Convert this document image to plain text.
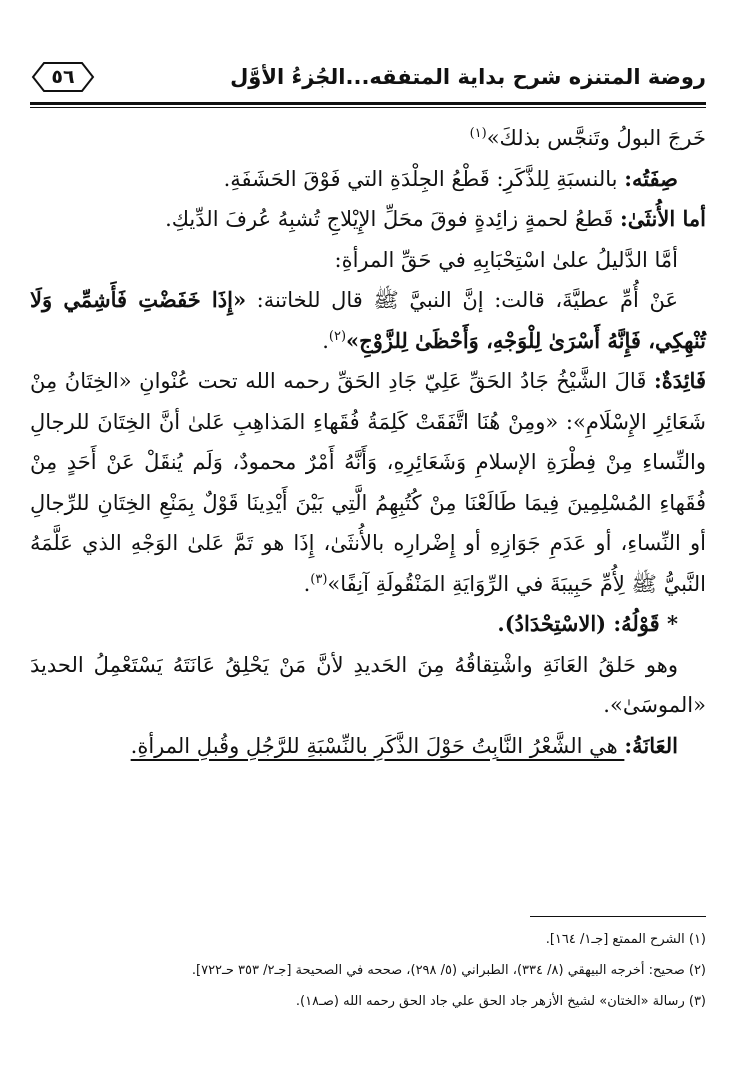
روضة المتنزه شرح بداية المتفقه...الجُزءُ الأوَّل
٥٦

خَرجَ البولُ وتَنجَّس بذلكَ»$^{(١)}$

صِفَتُه: بالنسبَةِ لِلذَّكَرِ: قَطْعُ الجِلْدَةِ التي فَوْقَ الحَشَفَةِ.

أما الأُنثَىٰ: قَطعُ لحمةٍ زائِدةٍ فوقَ محَلِّ الإِيْلاجِ تُشبِهُ عُرفَ الدِّيكِ.

أمَّا الدَّليلُ علىٰ اسْتِحْبَابِهِ في حَقِّ المرأةِ:

عَنْ أُمِّ عطيَّةَ، قالت: إنَّ النبيَّ ﷺ قال للخاتنة: «إِذَا خَفَضْتِ فَأَشِمِّي وَلَا تُنْهِكِي، فَإِنَّهُ أَسْرَىٰ لِلْوَجْهِ، وَأَحْظَىٰ لِلزَّوْجِ»$^{(٢)}$.

فَائِدَةٌ: قَالَ الشَّيْخُ جَادُ الحَقِّ عَلِيّ جَادِ الحَقِّ رحمه الله تحت عُنْوانِ «الخِتَانُ مِنْ شَعَائِرِ الإِسْلَامِ»: «ومِنْ هُنَا اتَّفَقَتْ كَلِمَةُ فُقَهاءِ المَذاهِبِ عَلىٰ أنَّ الخِتَانَ للرجالِ والنِّساءِ مِنْ فِطْرَةِ الإسلامِ وَشَعَائِرِهِ، وَأَنَّهُ أَمْرٌ محمودٌ، وَلَم يُنقَلْ عَنْ أَحَدٍ مِنْ فُقَهاءِ المُسْلِمِينَ فِيمَا طَالَعْنَا مِنْ كُتُبِهِمُ الَّتِي بَيْنَ أَيْدِينَا قَوْلٌ بِمَنْعِ الخِتَانِ للرِّجالِ أو النِّساءِ، أو عَدَمِ جَوَازِهِ أو إِضْرارِه بالأُنثَىٰ، إِذَا هو تَمَّ عَلىٰ الوَجْهِ الذي عَلَّمَهُ النَّبيُّ ﷺ لِأُمِّ حَبِيبَةَ في الرِّوَايَةِ المَنْقُولَةِ آنِفًا»$^{(٣)}$.

* قَوْلُهُ: (الاسْتِحْدَادُ).

وهو حَلقُ العَانَةِ واشْتِقاقُهُ مِنَ الحَديدِ لأنَّ مَنْ يَحْلِقُ عَانَتَهُ يَسْتَعْمِلُ الحديدَ «الموسَىٰ».

العَانَةُ: هي الشَّعْرُ النَّابِتُ حَوْلَ الذَّكَرِ بالنِّسْبَةِ للرَّجُلِ وقُبلِ المرأةِ.

(١) الشرح الممتع [جـ١/ ١٦٤].

(٢) صحيح: أخرجه البيهقي (٨/ ٣٣٤)، الطبراني (٥/ ٢٩٨)، صححه في الصحيحة [جـ٢/ ٣٥٣ حـ٧٢٢].

(٣) رسالة «الختان» لشيخ الأزهر جاد الحق علي جاد الحق رحمه الله (صـ١٨).
